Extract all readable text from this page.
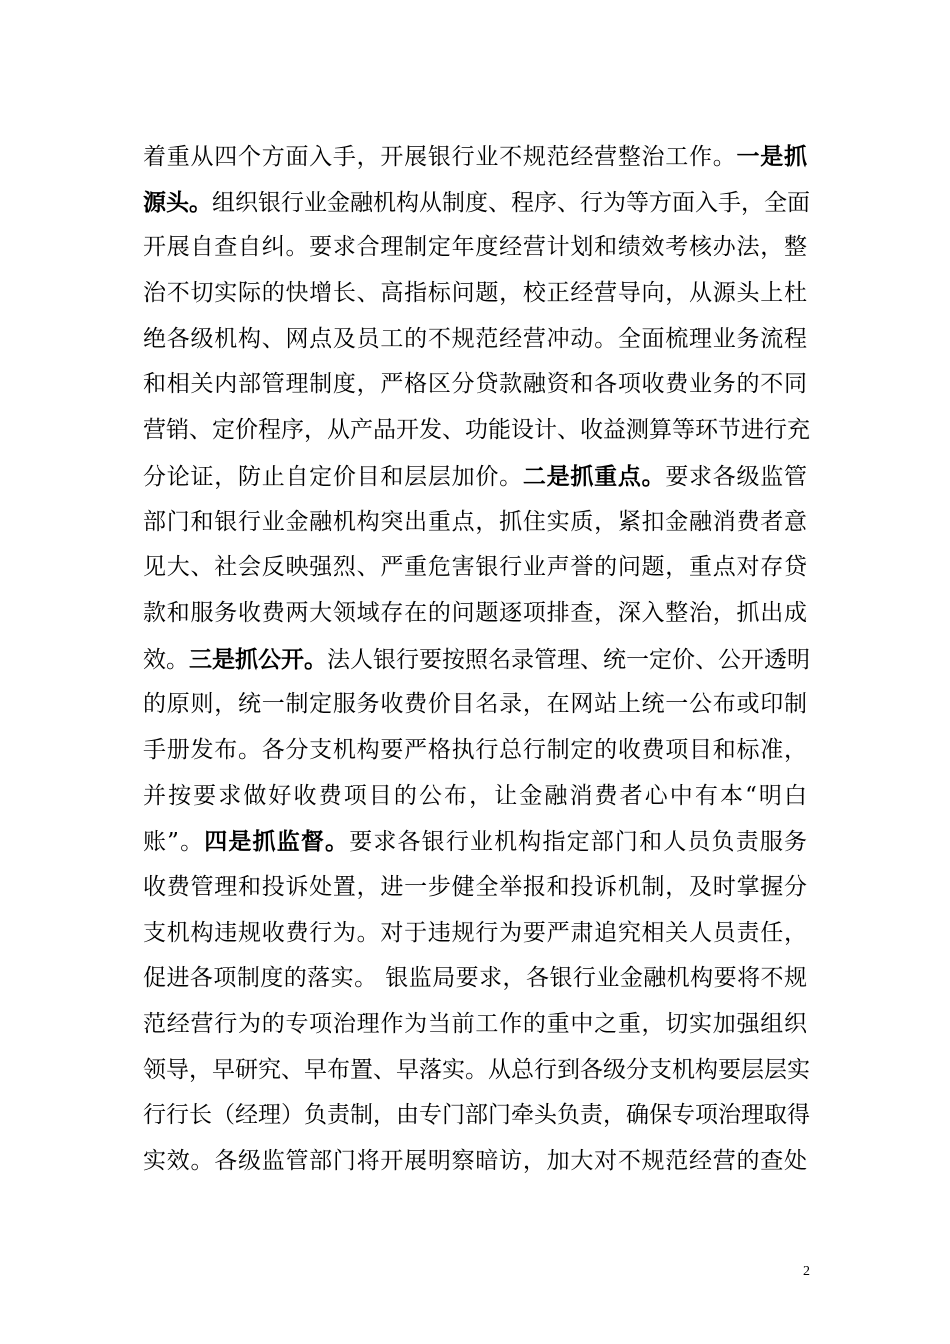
着重从四个方面入手，开展银行业不规范经营整治工作。一是抓
源头。组织银行业金融机构从制度、程序、行为等方面入手，全面
开展自查自纠。要求合理制定年度经营计划和绩效考核办法，整
治不切实际的快增长、高指标问题，校正经营导向，从源头上杜
绝各级机构、网点及员工的不规范经营冲动。全面梳理业务流程
和相关内部管理制度，严格区分贷款融资和各项收费业务的不同
营销、定价程序，从产品开发、功能设计、收益测算等环节进行充
分论证，防止自定价目和层层加价。二是抓重点。要求各级监管
部门和银行业金融机构突出重点，抓住实质，紧扣金融消费者意
见大、社会反映强烈、严重危害银行业声誉的问题，重点对存贷
款和服务收费两大领域存在的问题逐项排查，深入整治，抓出成
效。三是抓公开。法人银行要按照名录管理、统一定价、公开透明
的原则，统一制定服务收费价目名录，在网站上统一公布或印制
手册发布。各分支机构要严格执行总行制定的收费项目和标准，
并按要求做好收费项目的公布，让金融消费者心中有本“明白
账”。四是抓监督。要求各银行业机构指定部门和人员负责服务
收费管理和投诉处置，进一步健全举报和投诉机制，及时掌握分
支机构违规收费行为。对于违规行为要严肃追究相关人员责任，
促进各项制度的落实。 银监局要求，各银行业金融机构要将不规
范经营行为的专项治理作为当前工作的重中之重，切实加强组织
领导，早研究、早布置、早落实。从总行到各级分支机构要层层实
行行长（经理）负责制，由专门部门牵头负责，确保专项治理取得
实效。各级监管部门将开展明察暗访，加大对不规范经营的查处
2
